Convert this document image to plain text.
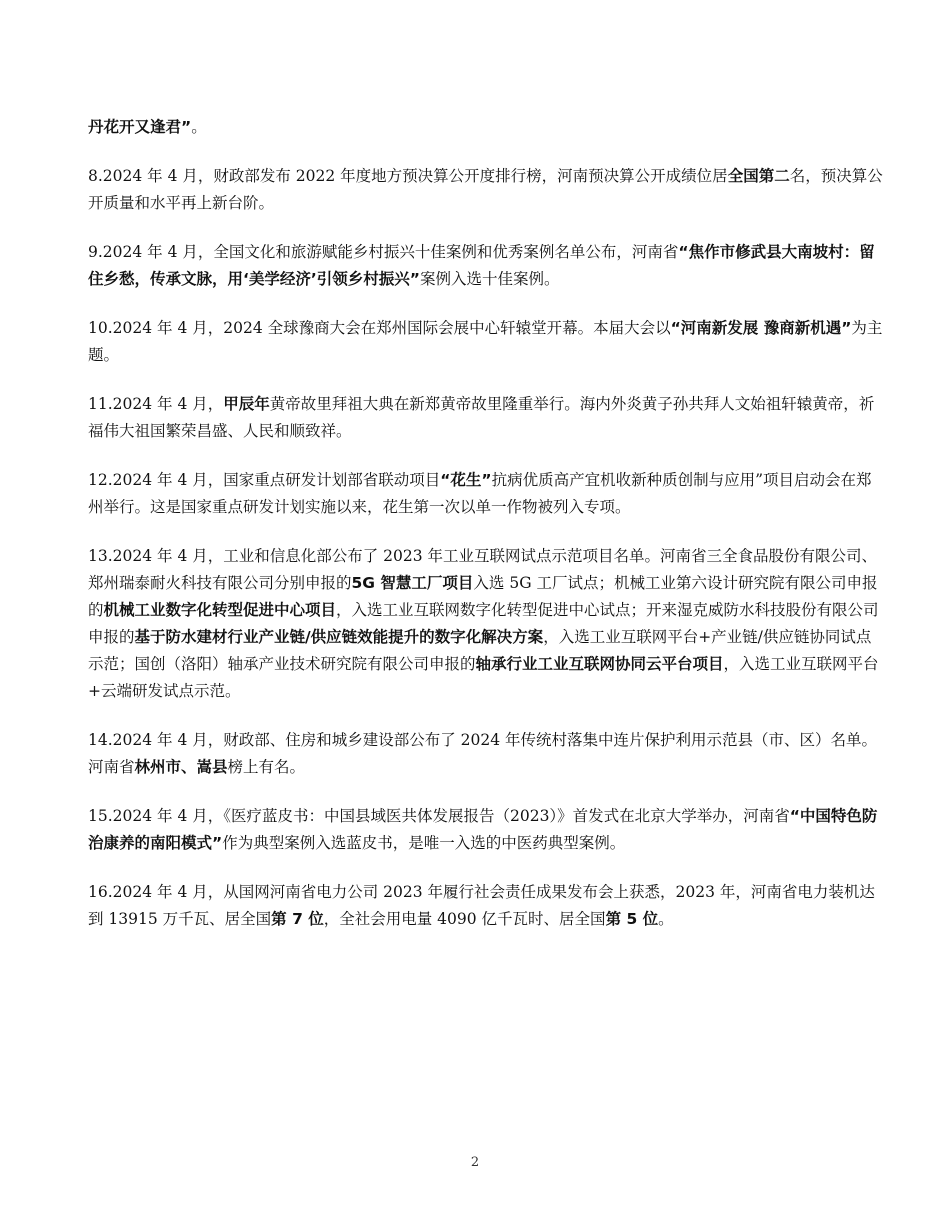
丹花开又逢君”。

8.2024 年 4 月，财政部发布 2022 年度地方预决算公开度排行榜，河南预决算公开成绩位居全国第二名，预决算公开质量和水平再上新台阶。

9.2024 年 4 月，全国文化和旅游赋能乡村振兴十佳案例和优秀案例名单公布，河南省“焦作市修武县大南坡村：留住乡愁，传承文脉，用‘美学经济’引领乡村振兴”案例入选十佳案例。

10.2024 年 4 月，2024 全球豫商大会在郑州国际会展中心轩辕堂开幕。本届大会以“河南新发展 豫商新机遇”为主题。

11.2024 年 4 月，甲辰年黄帝故里拜祖大典在新郑黄帝故里隆重举行。海内外炎黄子孙共拜人文始祖轩辕黄帝，祈福伟大祖国繁荣昌盛、人民和顺致祥。

12.2024 年 4 月，国家重点研发计划部省联动项目“花生”抗病优质高产宜机收新种质创制与应用”项目启动会在郑州举行。这是国家重点研发计划实施以来，花生第一次以单一作物被列入专项。

13.2024 年 4 月，工业和信息化部公布了 2023 年工业互联网试点示范项目名单。河南省三全食品股份有限公司、郑州瑞泰耐火科技有限公司分别申报的5G 智慧工厂项目入选 5G 工厂试点；机械工业第六设计研究院有限公司申报的机械工业数字化转型促进中心项目，入选工业互联网数字化转型促进中心试点；开来湿克威防水科技股份有限公司申报的基于防水建材行业产业链/供应链效能提升的数字化解决方案，入选工业互联网平台+产业链/供应链协同试点示范；国创（洛阳）轴承产业技术研究院有限公司申报的轴承行业工业互联网协同云平台项目，入选工业互联网平台+云端研发试点示范。

14.2024 年 4 月，财政部、住房和城乡建设部公布了 2024 年传统村落集中连片保护利用示范县（市、区）名单。河南省林州市、嵩县榜上有名。

15.2024 年 4 月，《医疗蓝皮书：中国县域医共体发展报告（2023）》首发式在北京大学举办，河南省“中国特色防治康养的南阳模式”作为典型案例入选蓝皮书，是唯一入选的中医药典型案例。

16.2024 年 4 月，从国网河南省电力公司 2023 年履行社会责任成果发布会上获悉，2023 年，河南省电力装机达到 13915 万千瓦、居全国第 7 位，全社会用电量 4090 亿千瓦时、居全国第 5 位。

2
